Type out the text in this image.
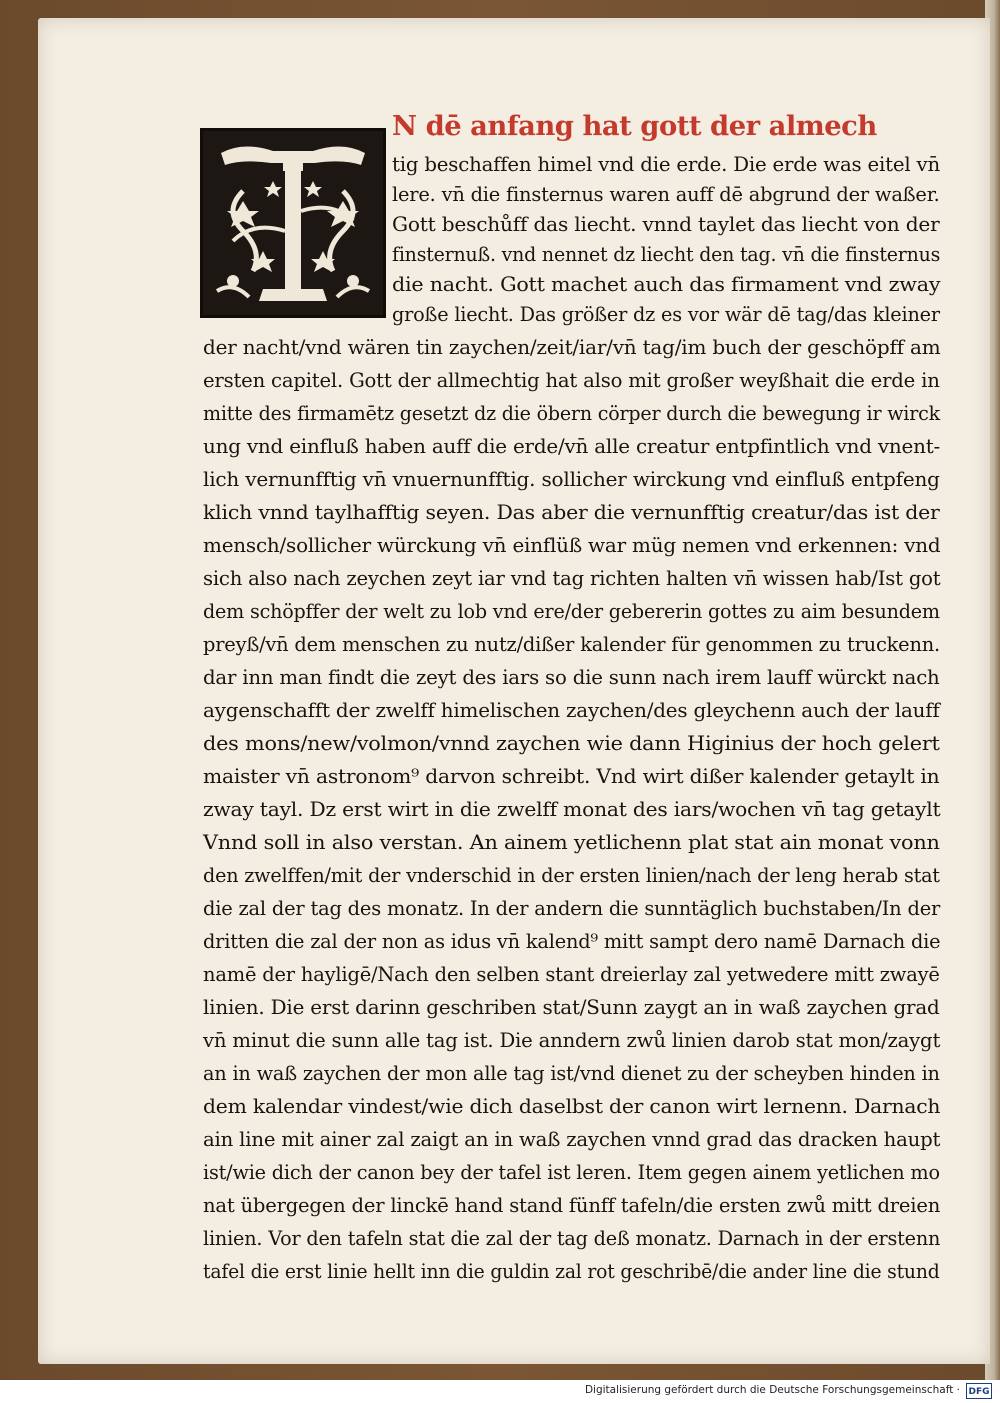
N dē anfang hat gott der almech
tig beschaffen himel vnd die erde. Die erde was eitel vn̄
lere. vn̄ die finsternus waren auff dē abgrund der waßer.
Gott beschůff das liecht. vnnd taylet das liecht von der
finsternuß. vnd nennet dz liecht den tag. vn̄ die finsternus
die nacht. Gott machet auch das firmament vnd zway
große liecht. Das größer dz es vor wär dē tag/das kleiner
der nacht/vnd wären tin zaychen/zeit/iar/vn̄ tag/im buch der geschöpff am
ersten capitel. Gott der allmechtig hat also mit großer weyßhait die erde in
mitte des firmamētz gesetzt dz die öbern cörper durch die bewegung ir wirck
ung vnd einfluß haben auff die erde/vn̄ alle creatur entpfintlich vnd vnent-
lich vernunfftig vn̄ vnuernunfftig. sollicher wirckung vnd einfluß entpfeng
klich vnnd taylhafftig seyen. Das aber die vernunfftig creatur/das ist der
mensch/sollicher würckung vn̄ einflüß war müg nemen vnd erkennen: vnd
sich also nach zeychen zeyt iar vnd tag richten halten vn̄ wissen hab/Ist got
dem schöpffer der welt zu lob vnd ere/der gebererin gottes zu aim besundem
preyß/vn̄ dem menschen zu nutz/dißer kalender für genommen zu truckenn.
dar inn man findt die zeyt des iars so die sunn nach irem lauff würckt nach
aygenschafft der zwelff himelischen zaychen/des gleychenn auch der lauff
des mons/new/volmon/vnnd zaychen wie dann Higinius der hoch gelert
maister vn̄ astronom⁹ darvon schreibt. Vnd wirt dißer kalender getaylt in
zway tayl. Dz erst wirt in die zwelff monat des iars/wochen vn̄ tag getaylt
Vnnd soll in also verstan. An ainem yetlichenn plat stat ain monat vonn
den zwelffen/mit der vnderschid in der ersten linien/nach der leng herab stat
die zal der tag des monatz. In der andern die sunntäglich buchstaben/In der
dritten die zal der non as idus vn̄ kalend⁹ mitt sampt dero namē Darnach die
namē der hayligē/Nach den selben stant dreierlay zal yetwedere mitt zwayē
linien. Die erst darinn geschriben stat/Sunn zaygt an in waß zaychen grad
vn̄ minut die sunn alle tag ist. Die anndern zwů linien darob stat mon/zaygt
an in waß zaychen der mon alle tag ist/vnd dienet zu der scheyben hinden in
dem kalendar vindest/wie dich daselbst der canon wirt lernenn. Darnach
ain line mit ainer zal zaigt an in waß zaychen vnnd grad das dracken haupt
ist/wie dich der canon bey der tafel ist leren. Item gegen ainem yetlichen mo
nat übergegen der linckē hand stand fünff tafeln/die ersten zwů mitt dreien
linien. Vor den tafeln stat die zal der tag deß monatz. Darnach in der erstenn
tafel die erst linie hellt inn die guldin zal rot geschribē/die ander line die stund
Digitalisierung gefördert durch die Deutsche Forschungsgemeinschaft · DFG
